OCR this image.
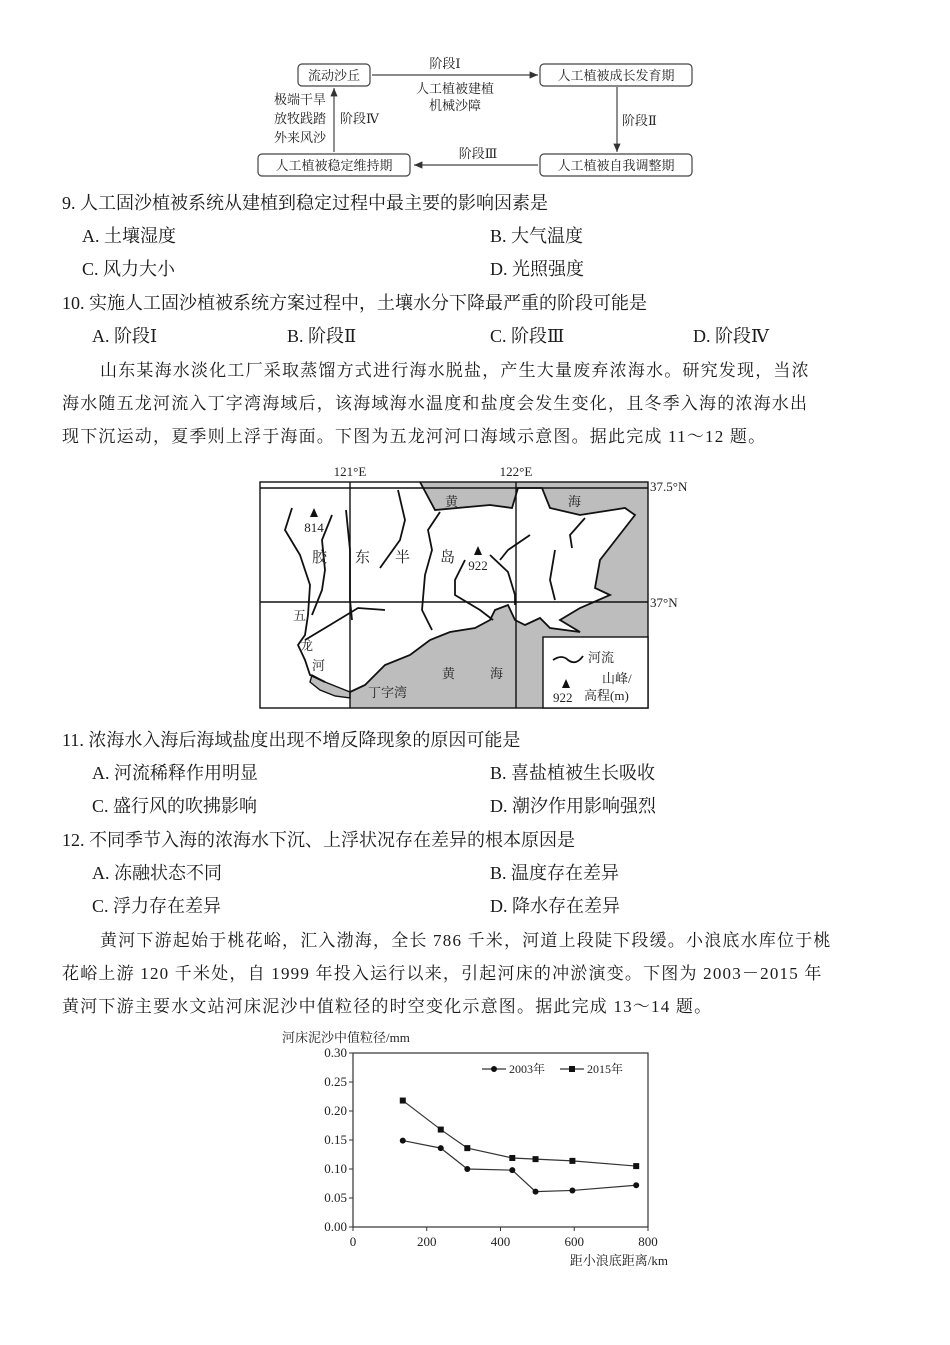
流动沙丘	人工植被成长发育期
人工植被自我调整期
人工植被稳定维持期
阶段Ⅰ
人工植被建植
机械沙障
阶段Ⅱ
阶段Ⅲ
阶段Ⅳ
极端干旱
放牧践踏
外来风沙
9. 人工固沙植被系统从建植到稳定过程中最主要的影响因素是
A. 土壤湿度	B. 大气温度
C. 风力大小	D. 光照强度
10. 实施人工固沙植被系统方案过程中，土壤水分下降最严重的阶段可能是
A. 阶段Ⅰ	B. 阶段Ⅱ	C. 阶段Ⅲ	D. 阶段Ⅳ
山东某海水淡化工厂采取蒸馏方式进行海水脱盐，产生大量废弃浓海水。研究发现，当浓
海水随五龙河流入丁字湾海域后，该海域海水温度和盐度会发生变化，且冬季入海的浓海水出
现下沉运动，夏季则上浮于海面。下图为五龙河河口海域示意图。据此完成 11～12 题。
121°E	122°E
37.5°N
37°N
胶 东 半 岛
黄	海
黄	海
五
龙
河
丁字湾
814
922
河流
山峰/
922 高程(m)
11. 浓海水入海后海域盐度出现不增反降现象的原因可能是
A. 河流稀释作用明显	B. 喜盐植被生长吸收
C. 盛行风的吹拂影响	D. 潮汐作用影响强烈
12. 不同季节入海的浓海水下沉、上浮状况存在差异的根本原因是
A. 冻融状态不同	B. 温度存在差异
C. 浮力存在差异	D. 降水存在差异
黄河下游起始于桃花峪，汇入渤海，全长 786 千米，河道上段陡下段缓。小浪底水库位于桃
花峪上游 120 千米处，自 1999 年投入运行以来，引起河床的冲淤演变。下图为 2003－2015 年
黄河下游主要水文站河床泥沙中值粒径的时空变化示意图。据此完成 13～14 题。
河床泥沙中值粒径/mm
距小浪底距离/km
0	200	400	600	800
0.00
0.05
0.10
0.15
0.20
0.25
0.30
2003年	2015年
